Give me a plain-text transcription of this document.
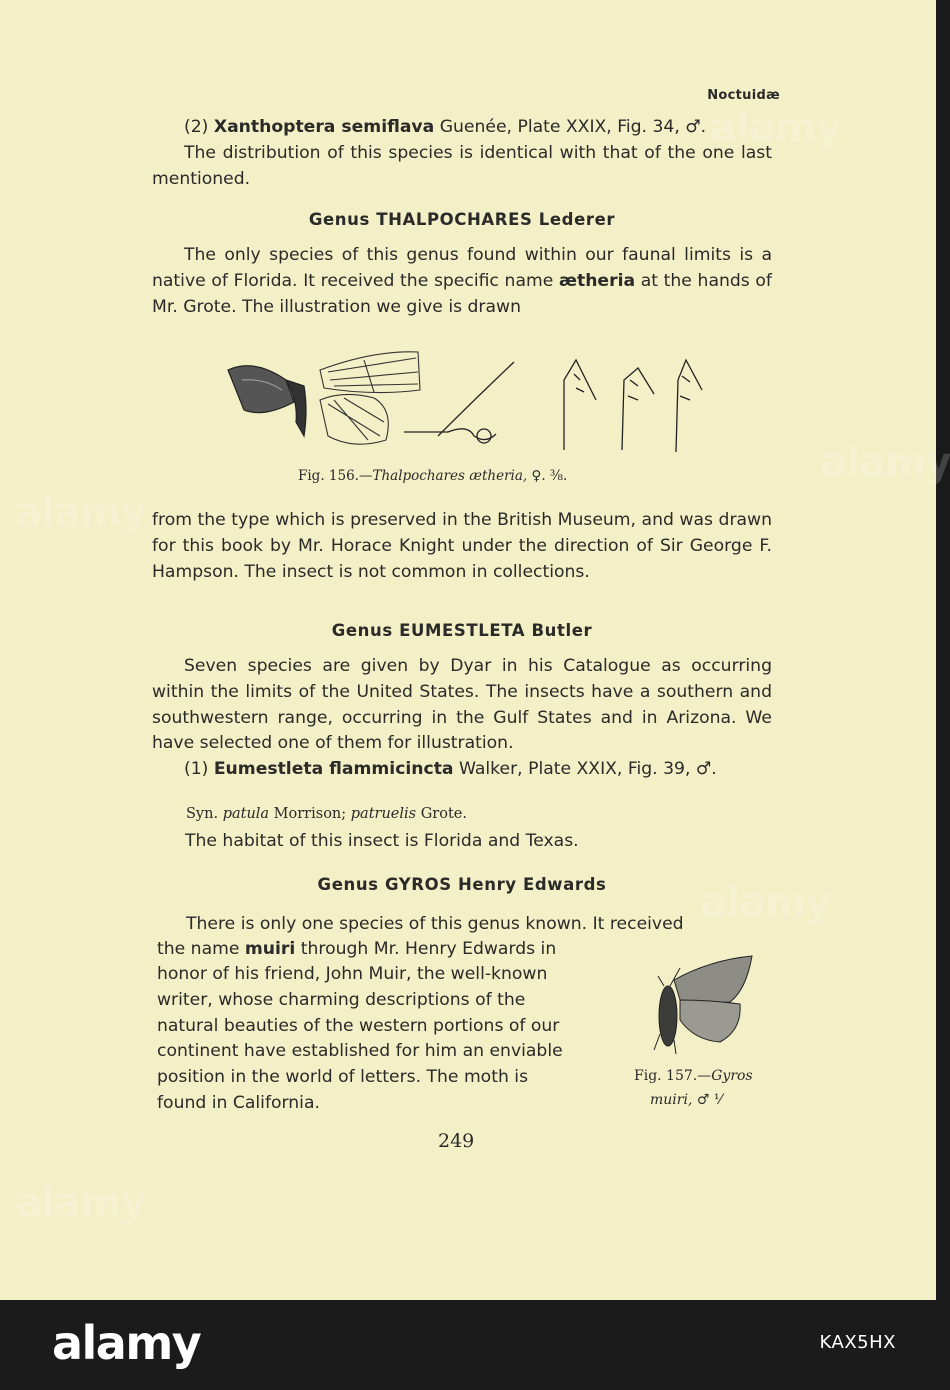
alamy
alamy
alamy
alamy
alamy
Noctuidæ
(2) Xanthoptera semiflava Guenée, Plate XXIX, Fig. 34, ♂.
The distribution of this species is identical with that of the one last mentioned.
Genus THALPOCHARES Lederer
The only species of this genus found within our faunal limits is a native of Florida. It received the specific name ætheria at the hands of Mr. Grote. The illustration we give is drawn
Fig. 156.—Thalpochares ætheria, ♀. ⅜.
from the type which is preserved in the British Museum, and was drawn for this book by Mr. Horace Knight under the direction of Sir George F. Hampson. The insect is not common in collections.
Genus EUMESTLETA Butler
Seven species are given by Dyar in his Catalogue as occurring within the limits of the United States. The insects have a southern and southwestern range, occurring in the Gulf States and in Arizona. We have selected one of them for illustration.
(1) Eumestleta flammicincta Walker, Plate XXIX, Fig. 39, ♂.
Syn. patula Morrison; patruelis Grote.
The habitat of this insect is Florida and Texas.
Genus GYROS Henry Edwards
There is only one species of this genus known. It received
the name muiri through Mr. Henry Edwards in
honor of his friend, John Muir, the well-known
writer, whose charming descriptions of the
natural beauties of the western portions of our
continent have established for him an enviable
position in the world of letters. The moth is
found in California.
Fig. 157.—Gyros
muiri, ♂ ⅟
249
alamy	KAX5HX
